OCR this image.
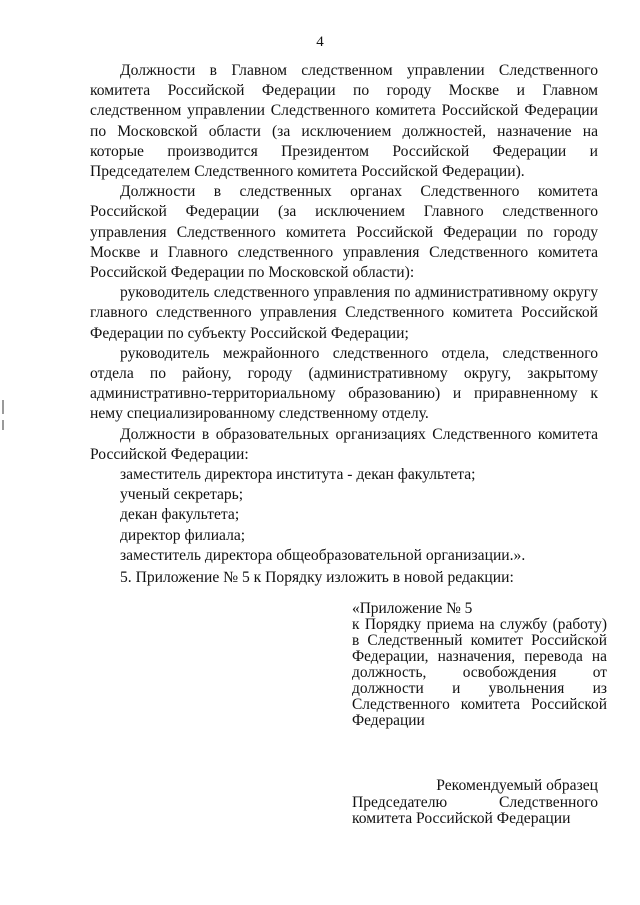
4

Должности в Главном следственном управлении Следственного комитета Российской Федерации по городу Москве и Главном следственном управлении Следственного комитета Российской Федерации по Московской области (за исключением должностей, назначение на которые производится Президентом Российской Федерации и Председателем Следственного комитета Российской Федерации).

Должности в следственных органах Следственного комитета Российской Федерации (за исключением Главного следственного управления Следственного комитета Российской Федерации по городу Москве и Главного следственного управления Следственного комитета Российской Федерации по Московской области):

руководитель следственного управления по административному округу главного следственного управления Следственного комитета Российской Федерации по субъекту Российской Федерации;

руководитель межрайонного следственного отдела, следственного отдела по району, городу (административному округу, закрытому административно-территориальному образованию) и приравненному к нему специализированному следственному отделу.

Должности в образовательных организациях Следственного комитета Российской Федерации:

заместитель директора института - декан факультета;

ученый секретарь;

декан факультета;

директор филиала;

заместитель директора общеобразовательной организации.».

5. Приложение № 5 к Порядку изложить в новой редакции:
«Приложение № 5
к Порядку приема на службу (работу) в Следственный комитет Российской Федерации, назначения, перевода на должность, освобождения от должности и увольнения из Следственного комитета Российской Федерации
Рекомендуемый образец
Председателю Следственного комитета Российской Федерации
